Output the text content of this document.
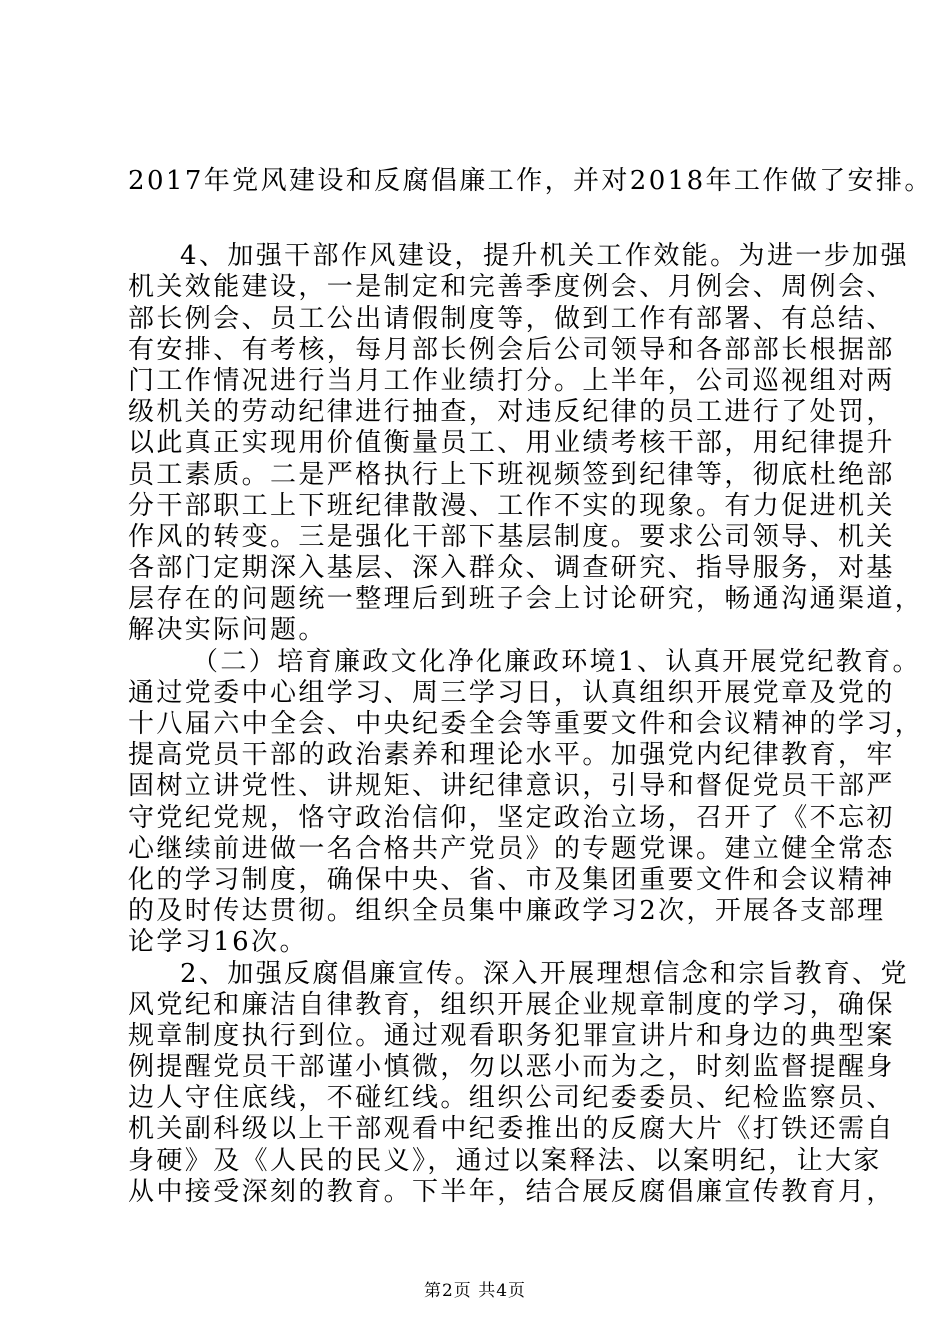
2017年党风建设和反腐倡廉工作，并对2018年工作做了安排。
4、加强干部作风建设，提升机关工作效能。为进一步加强
机关效能建设，一是制定和完善季度例会、月例会、周例会、
部长例会、员工公出请假制度等，做到工作有部署、有总结、
有安排、有考核，每月部长例会后公司领导和各部部长根据部
门工作情况进行当月工作业绩打分。上半年，公司巡视组对两
级机关的劳动纪律进行抽查，对违反纪律的员工进行了处罚，
以此真正实现用价值衡量员工、用业绩考核干部，用纪律提升
员工素质。二是严格执行上下班视频签到纪律等，彻底杜绝部
分干部职工上下班纪律散漫、工作不实的现象。有力促进机关
作风的转变。三是强化干部下基层制度。要求公司领导、机关
各部门定期深入基层、深入群众、调查研究、指导服务，对基
层存在的问题统一整理后到班子会上讨论研究，畅通沟通渠道，
解决实际问题。
（二）培育廉政文化净化廉政环境1、认真开展党纪教育。
通过党委中心组学习、周三学习日，认真组织开展党章及党的
十八届六中全会、中央纪委全会等重要文件和会议精神的学习，
提高党员干部的政治素养和理论水平。加强党内纪律教育，牢
固树立讲党性、讲规矩、讲纪律意识，引导和督促党员干部严
守党纪党规，恪守政治信仰，坚定政治立场，召开了《不忘初
心继续前进做一名合格共产党员》的专题党课。建立健全常态
化的学习制度，确保中央、省、市及集团重要文件和会议精神
的及时传达贯彻。组织全员集中廉政学习2次，开展各支部理
论学习16次。
2、加强反腐倡廉宣传。深入开展理想信念和宗旨教育、党
风党纪和廉洁自律教育，组织开展企业规章制度的学习，确保
规章制度执行到位。通过观看职务犯罪宣讲片和身边的典型案
例提醒党员干部谨小慎微，勿以恶小而为之，时刻监督提醒身
边人守住底线，不碰红线。组织公司纪委委员、纪检监察员、
机关副科级以上干部观看中纪委推出的反腐大片《打铁还需自
身硬》及《人民的民义》，通过以案释法、以案明纪，让大家
从中接受深刻的教育。下半年，结合展反腐倡廉宣传教育月，
第2页 共4页
